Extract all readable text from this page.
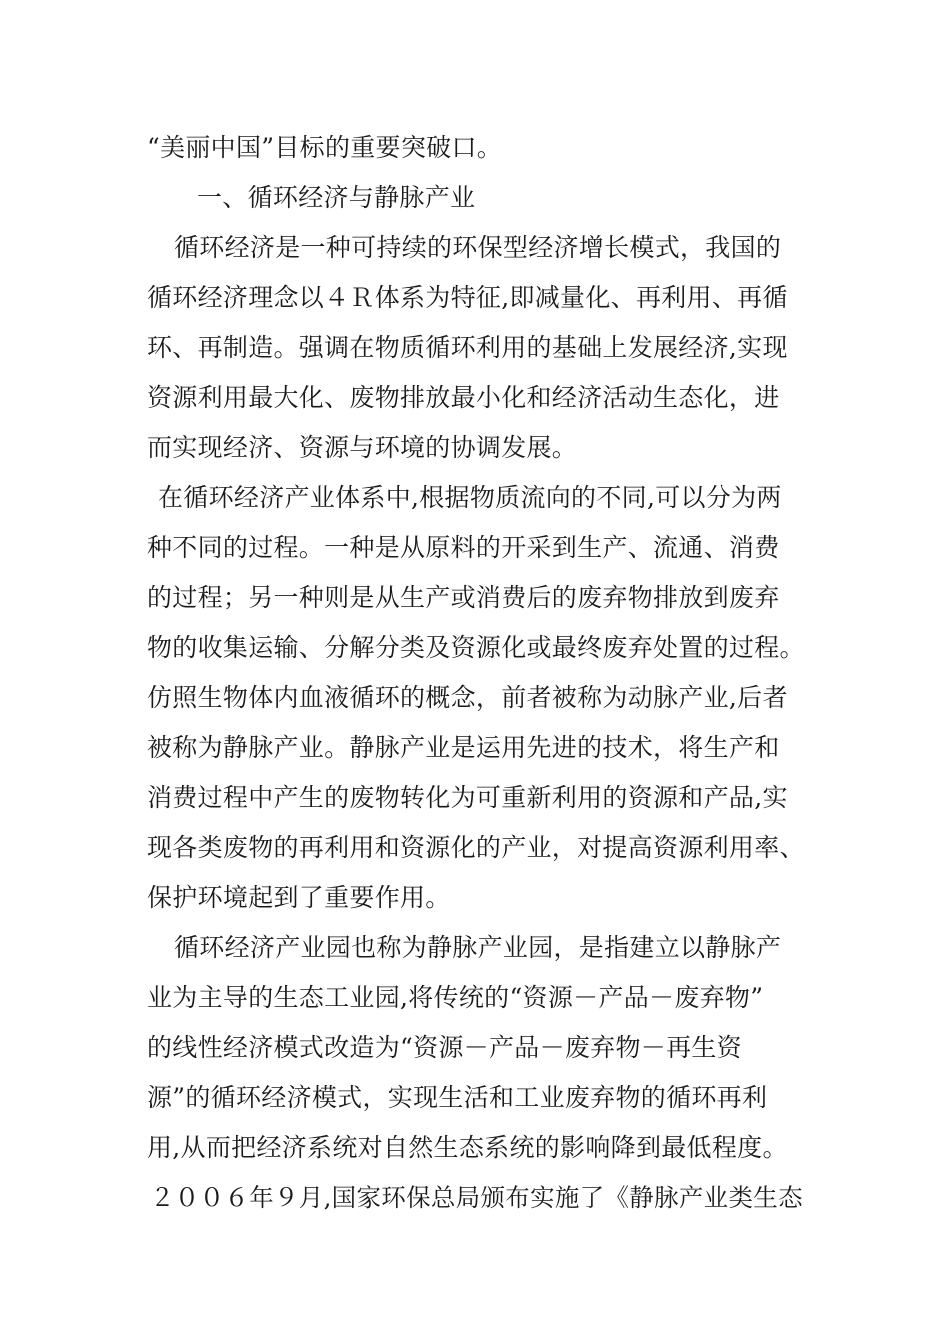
“美丽中国”目标的重要突破口。
一、循环经济与静脉产业
循环经济是一种可持续的环保型经济增长模式，我国的
循环经济理念以４Ｒ体系为特征,即减量化、再利用、再循
环、再制造。强调在物质循环利用的基础上发展经济,实现
资源利用最大化、废物排放最小化和经济活动生态化，进
而实现经济、资源与环境的协调发展。
在循环经济产业体系中,根据物质流向的不同,可以分为两
种不同的过程。一种是从原料的开采到生产、流通、消费
的过程；另一种则是从生产或消费后的废弃物排放到废弃
物的收集运输、分解分类及资源化或最终废弃处置的过程。
仿照生物体内血液循环的概念，前者被称为动脉产业,后者
被称为静脉产业。静脉产业是运用先进的技术，将生产和
消费过程中产生的废物转化为可重新利用的资源和产品,实
现各类废物的再利用和资源化的产业，对提高资源利用率、
保护环境起到了重要作用。
循环经济产业园也称为静脉产业园，是指建立以静脉产
业为主导的生态工业园,将传统的“资源－产品－废弃物”
的线性经济模式改造为“资源－产品－废弃物－再生资
源”的循环经济模式，实现生活和工业废弃物的循环再利
用,从而把经济系统对自然生态系统的影响降到最低程度。
２００６年９月,国家环保总局颁布实施了《静脉产业类生态
